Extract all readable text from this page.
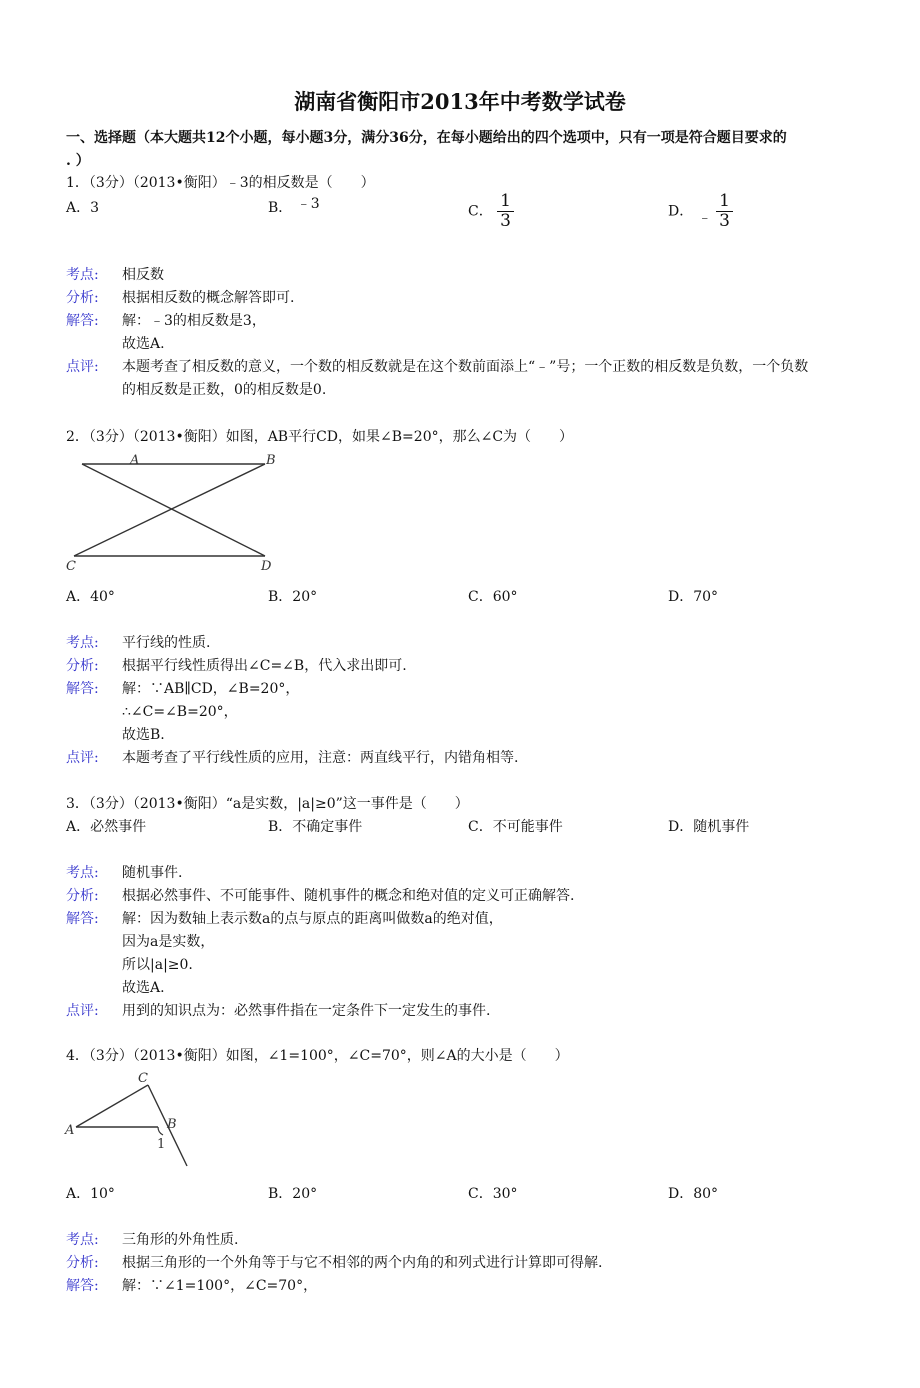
湖南省衡阳市2013年中考数学试卷
一、选择题（本大题共12个小题，每小题3分，满分36分，在每小题给出的四个选项中，只有一项是符合题目要求的
. ）
1．（3分）（2013•衡阳）﹣3的相反数是（　　）
A．3	B． ﹣3	C． $\frac{1}{3}$	D． ﹣ $\frac{1}{3}$
考点: 相反数
分析: 根据相反数的概念解答即可.
解答: 解：﹣3的相反数是3，
故选A.
点评: 本题考查了相反数的意义，一个数的相反数就是在这个数前面添上“﹣”号；一个正数的相反数是负数，一个负数
的相反数是正数，0的相反数是0.
2．（3分）（2013•衡阳）如图，AB平行CD，如果∠B=20°，那么∠C为（　　）
A	B
C	D
A．40°	B．20°	C．60°	D．70°
考点: 平行线的性质.
分析: 根据平行线性质得出∠C=∠B，代入求出即可.
解答: 解：∵AB∥CD，∠B=20°，
∴∠C=∠B=20°，
故选B.
点评: 本题考查了平行线性质的应用，注意：两直线平行，内错角相等.
3．（3分）（2013•衡阳）“a是实数，|a|≥0”这一事件是（　　）
A．必然事件	B．不确定事件	C．不可能事件	D．随机事件
考点: 随机事件.
分析: 根据必然事件、不可能事件、随机事件的概念和绝对值的定义可正确解答.
解答: 解：因为数轴上表示数a的点与原点的距离叫做数a的绝对值，
因为a是实数，
所以|a|≥0.
故选A.
点评: 用到的知识点为：必然事件指在一定条件下一定发生的事件.
4．（3分）（2013•衡阳）如图，∠1=100°，∠C=70°，则∠A的大小是（　　）
A
C
B
1
A．10°	B．20°	C．30°	D．80°
考点: 三角形的外角性质.
分析: 根据三角形的一个外角等于与它不相邻的两个内角的和列式进行计算即可得解.
解答: 解：∵∠1=100°，∠C=70°，
